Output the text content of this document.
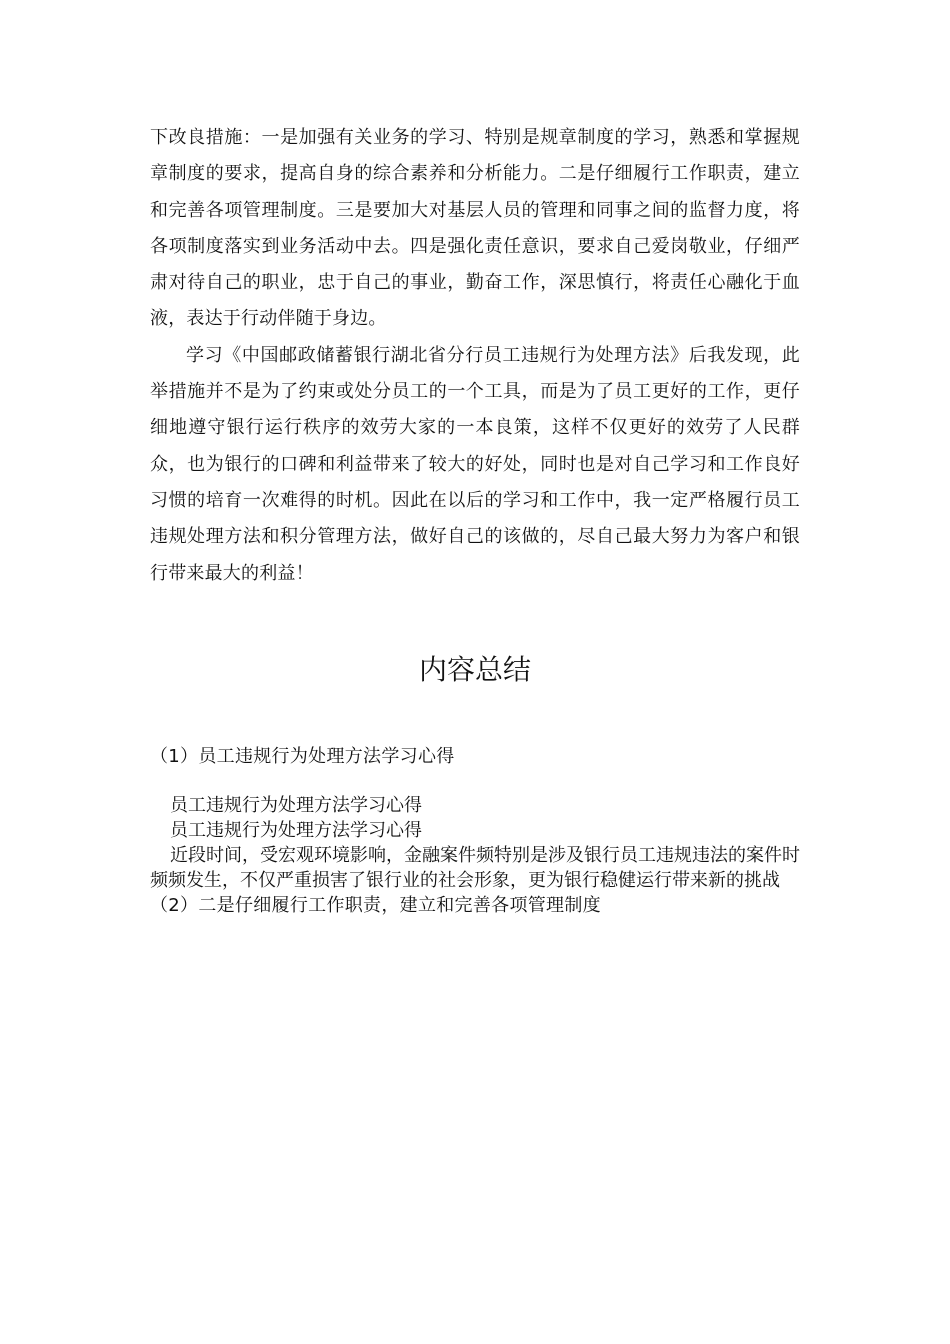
下改良措施：一是加强有关业务的学习、特别是规章制度的学习，熟悉和掌握规章制度的要求，提高自身的综合素养和分析能力。二是仔细履行工作职责，建立和完善各项管理制度。三是要加大对基层人员的管理和同事之间的监督力度，将各项制度落实到业务活动中去。四是强化责任意识，要求自己爱岗敬业，仔细严肃对待自己的职业，忠于自己的事业，勤奋工作，深思慎行，将责任心融化于血液，表达于行动伴随于身边。

学习《中国邮政储蓄银行湖北省分行员工违规行为处理方法》后我发现，此举措施并不是为了约束或处分员工的一个工具，而是为了员工更好的工作，更仔细地遵守银行运行秩序的效劳大家的一本良策，这样不仅更好的效劳了人民群众，也为银行的口碑和利益带来了较大的好处，同时也是对自己学习和工作良好习惯的培育一次难得的时机。因此在以后的学习和工作中，我一定严格履行员工违规处理方法和积分管理方法，做好自己的该做的，尽自己最大努力为客户和银行带来最大的利益！

内容总结

（1）员工违规行为处理方法学习心得

员工违规行为处理方法学习心得

员工违规行为处理方法学习心得

近段时间，受宏观环境影响，金融案件频特别是涉及银行员工违规违法的案件时频频发生，不仅严重损害了银行业的社会形象，更为银行稳健运行带来新的挑战

（2）二是仔细履行工作职责，建立和完善各项管理制度
